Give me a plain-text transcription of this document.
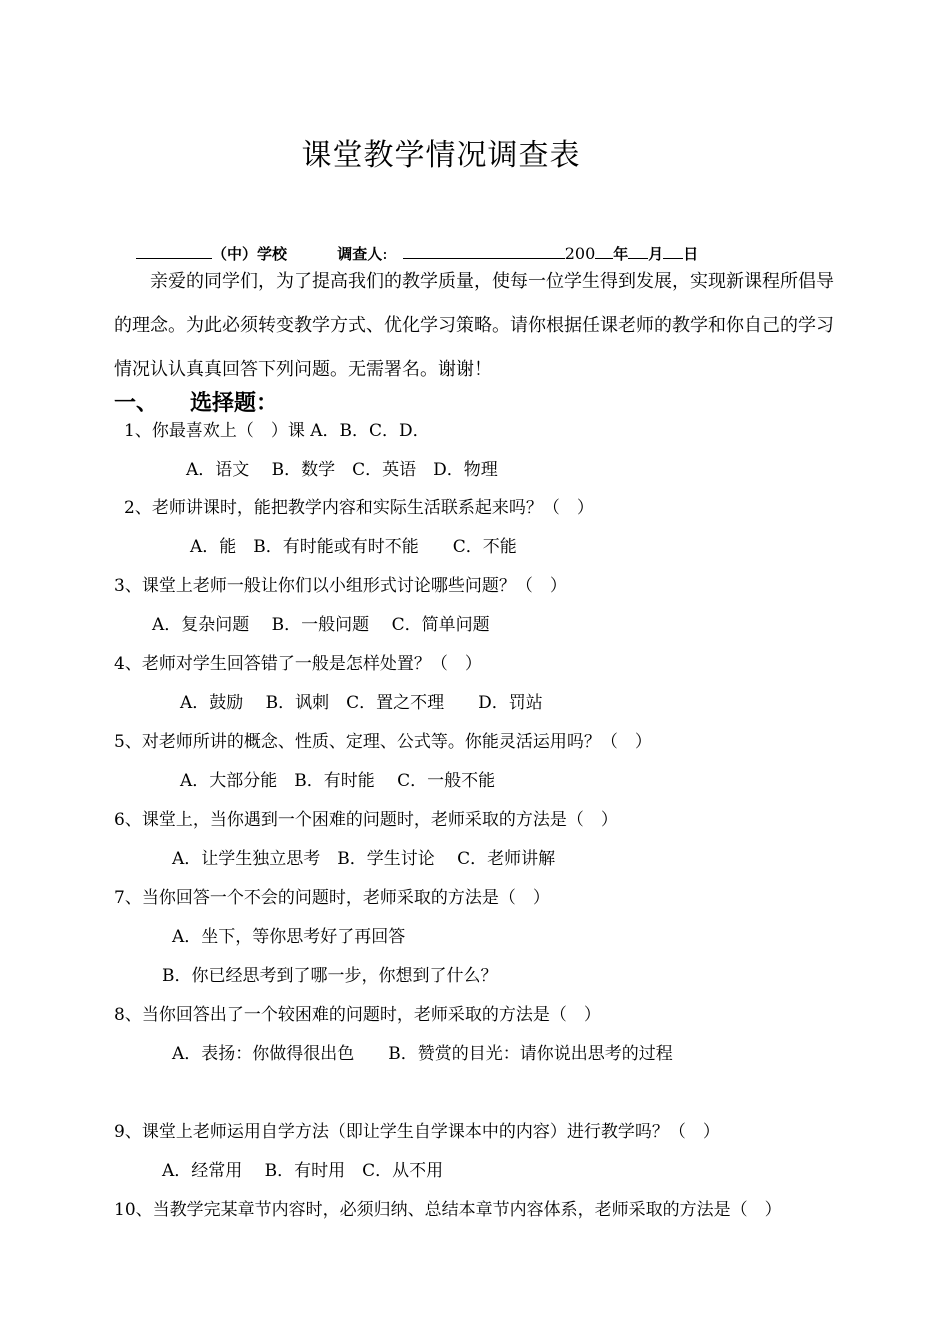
课堂教学情况调查表
（中）学校	调查人:	200 年 月 日
亲爱的同学们，为了提高我们的教学质量，使每一位学生得到发展，实现新课程所倡导的理念。为此必须转变教学方式、优化学习策略。请你根据任课老师的教学和你自己的学习情况认认真真回答下列问题。无需署名。谢谢！
一、 选择题：
1、你最喜欢上（　）课 A．B．C．D．
A．语文　 B．数学　C．英语　D．物理
2、老师讲课时，能把教学内容和实际生活联系起来吗？（　）
A．能　B．有时能或有时不能　　C．不能
3、课堂上老师一般让你们以小组形式讨论哪些问题？（　）
A．复杂问题　 B．一般问题　 C．简单问题
4、老师对学生回答错了一般是怎样处置？（　）
A．鼓励　 B．讽刺　C．置之不理　　D．罚站
5、对老师所讲的概念、性质、定理、公式等。你能灵活运用吗？（　）
A．大部分能　B．有时能　 C．一般不能
6、课堂上，当你遇到一个困难的问题时，老师采取的方法是（　）
A．让学生独立思考　B．学生讨论　 C．老师讲解
7、当你回答一个不会的问题时，老师采取的方法是（　）
A．坐下，等你思考好了再回答
B．你已经思考到了哪一步，你想到了什么？
8、当你回答出了一个较困难的问题时，老师采取的方法是（　）
A．表扬：你做得很出色　　B．赞赏的目光：请你说出思考的过程
9、课堂上老师运用自学方法（即让学生自学课本中的内容）进行教学吗？（　）
A．经常用　 B．有时用　C．从不用
10、当教学完某章节内容时，必须归纳、总结本章节内容体系，老师采取的方法是（　）
